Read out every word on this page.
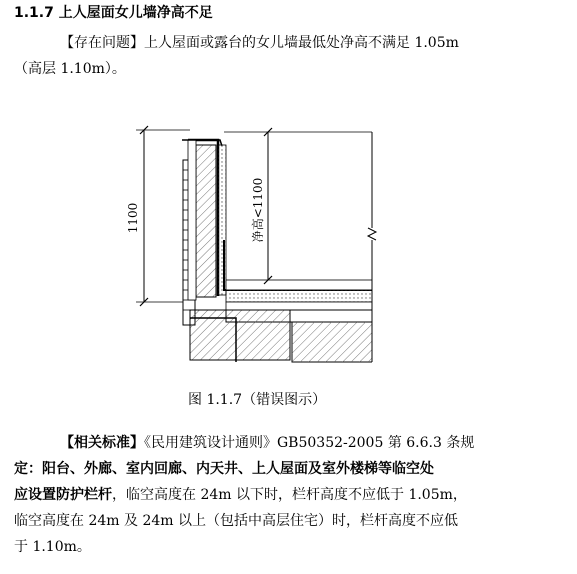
1.1.7 上人屋面女儿墙净高不足
【存在问题】上人屋面或露台的女儿墙最低处净高不满足 1.05m
（高层 1.10m）。
1100	净高<1100
图 1.1.7（错误图示）
【相关标准】《民用建筑设计通则》GB50352-2005 第 6.6.3 条规
定：阳台、外廊、室内回廊、内天井、上人屋面及室外楼梯等临空处
应设置防护栏杆，临空高度在 24m 以下时，栏杆高度不应低于 1.05m，
临空高度在 24m 及 24m 以上（包括中高层住宅）时，栏杆高度不应低
于 1.10m。
